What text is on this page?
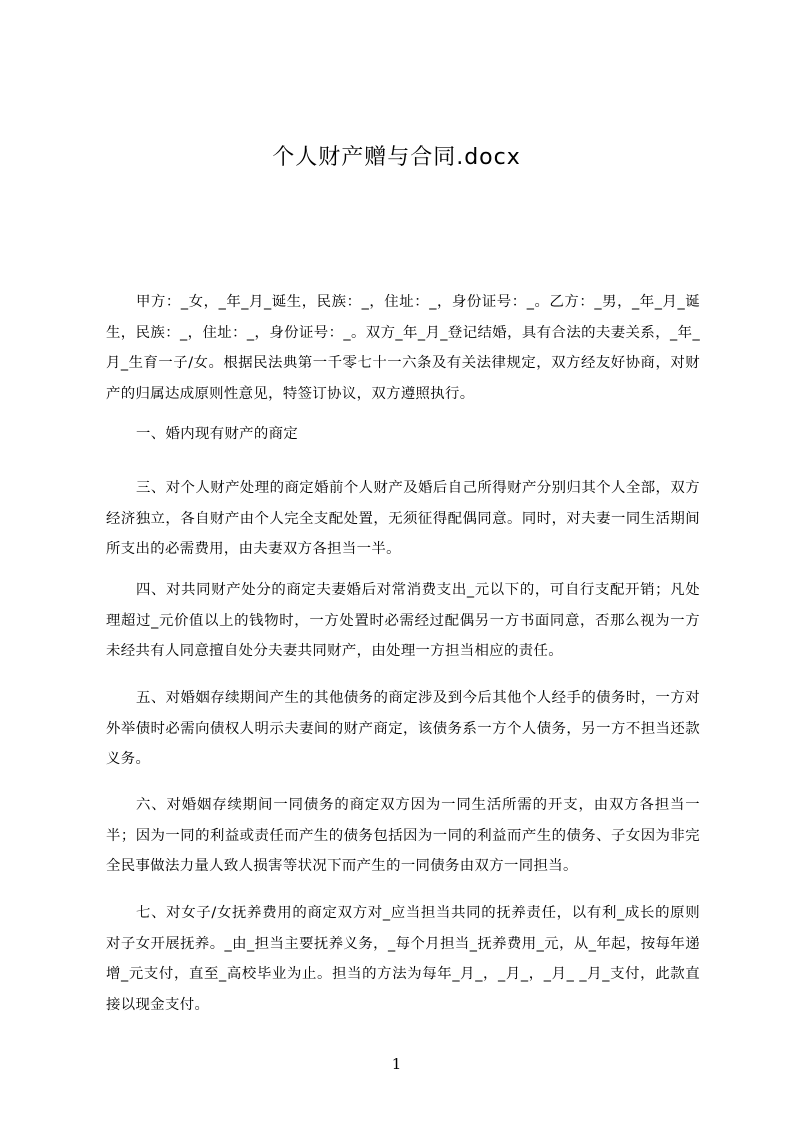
个人财产赠与合同.docx

甲方：_女，_年_月_诞生，民族：_，住址：_，身份证号：_。乙方：_男，_年_月_诞生，民族：_，住址：_，身份证号：_。双方_年_月_登记结婚，具有合法的夫妻关系，_年_月_生育一子/女。根据民法典第一千零七十一六条及有关法律规定，双方经友好协商，对财产的归属达成原则性意见，特签订协议，双方遵照执行。

一、婚内现有财产的商定

三、对个人财产处理的商定婚前个人财产及婚后自己所得财产分别归其个人全部，双方经济独立，各自财产由个人完全支配处置，无须征得配偶同意。同时，对夫妻一同生活期间所支出的必需费用，由夫妻双方各担当一半。

四、对共同财产处分的商定夫妻婚后对常消费支出_元以下的，可自行支配开销；凡处理超过_元价值以上的钱物时，一方处置时必需经过配偶另一方书面同意，否那么视为一方未经共有人同意擅自处分夫妻共同财产，由处理一方担当相应的责任。

五、对婚姻存续期间产生的其他债务的商定涉及到今后其他个人经手的债务时，一方对外举债时必需向债权人明示夫妻间的财产商定，该债务系一方个人债务，另一方不担当还款义务。

六、对婚姻存续期间一同债务的商定双方因为一同生活所需的开支，由双方各担当一半；因为一同的利益或责任而产生的债务包括因为一同的利益而产生的债务、子女因为非完全民事做法力量人致人损害等状况下而产生的一同债务由双方一同担当。

七、对女子/女抚养费用的商定双方对_应当担当共同的抚养责任，以有利_成长的原则对子女开展抚养。_由_担当主要抚养义务，_每个月担当_抚养费用_元，从_年起，按每年递增_元支付，直至_高校毕业为止。担当的方法为每年_月_，_月_，_月_ _月_支付，此款直接以现金支付。

1
